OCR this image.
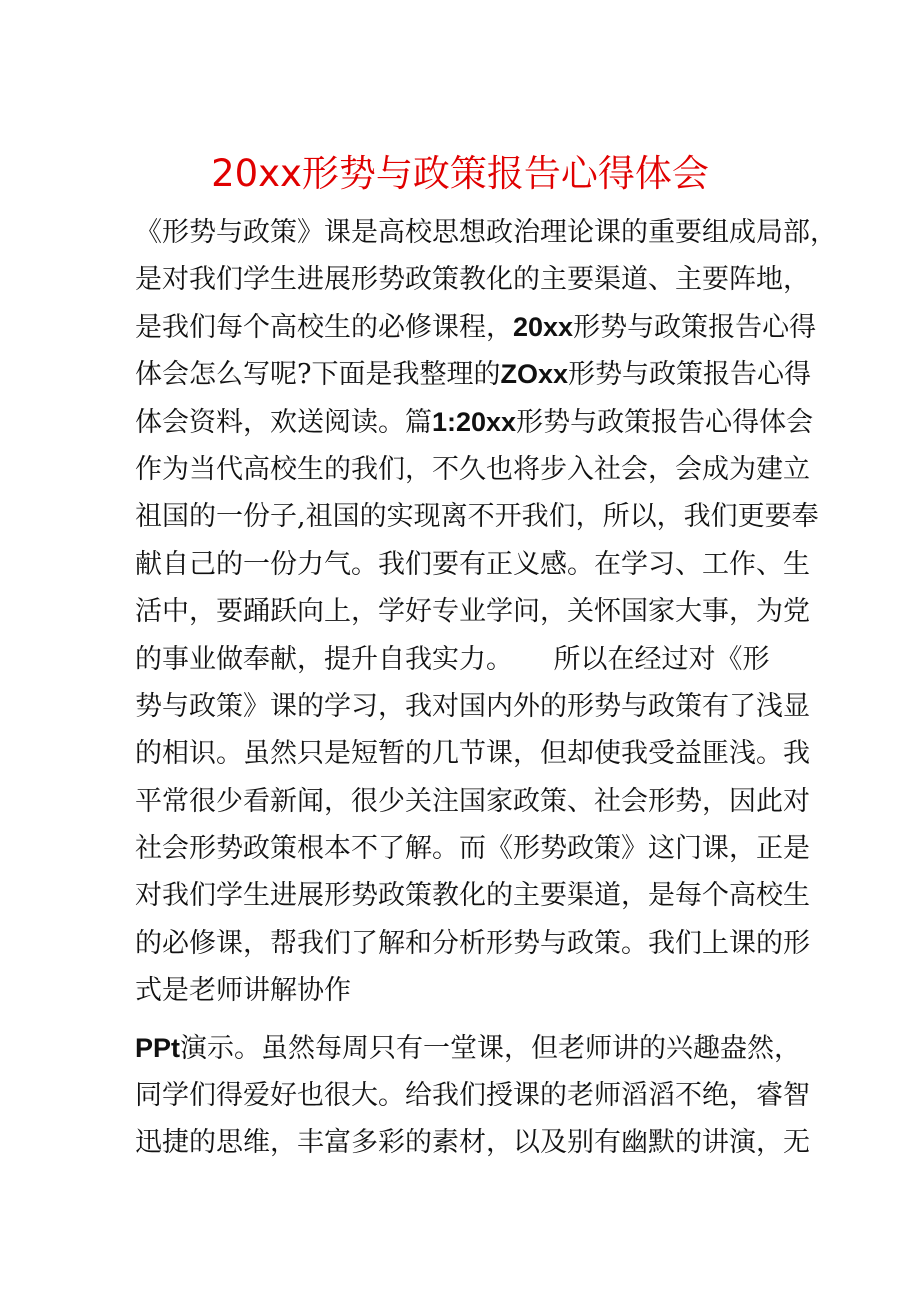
20xx形势与政策报告心得体会
《形势与政策》课是高校思想政治理论课的重要组成局部，
是对我们学生进展形势政策教化的主要渠道、主要阵地，
是我们每个高校生的必修课程，20xx形势与政策报告心得
体会怎么写呢?下面是我整理的ZOxx形势与政策报告心得
体会资料，欢送阅读。篇1:20xx形势与政策报告心得体会
作为当代高校生的我们，不久也将步入社会，会成为建立
祖国的一份子,祖国的实现离不开我们，所以，我们更要奉
献自己的一份力气。我们要有正义感。在学习、工作、生
活中，要踊跃向上，学好专业学问，关怀国家大事，为党
的事业做奉献，提升自我实力。　　所以在经过对《形
势与政策》课的学习，我对国内外的形势与政策有了浅显
的相识。虽然只是短暂的几节课，但却使我受益匪浅。我
平常很少看新闻，很少关注国家政策、社会形势，因此对
社会形势政策根本不了解。而《形势政策》这门课，正是
对我们学生进展形势政策教化的主要渠道，是每个高校生
的必修课，帮我们了解和分析形势与政策。我们上课的形
式是老师讲解协作
PPt演示。虽然每周只有一堂课，但老师讲的兴趣盎然，
同学们得爱好也很大。给我们授课的老师滔滔不绝，睿智
迅捷的思维，丰富多彩的素材，以及别有幽默的讲演，无
